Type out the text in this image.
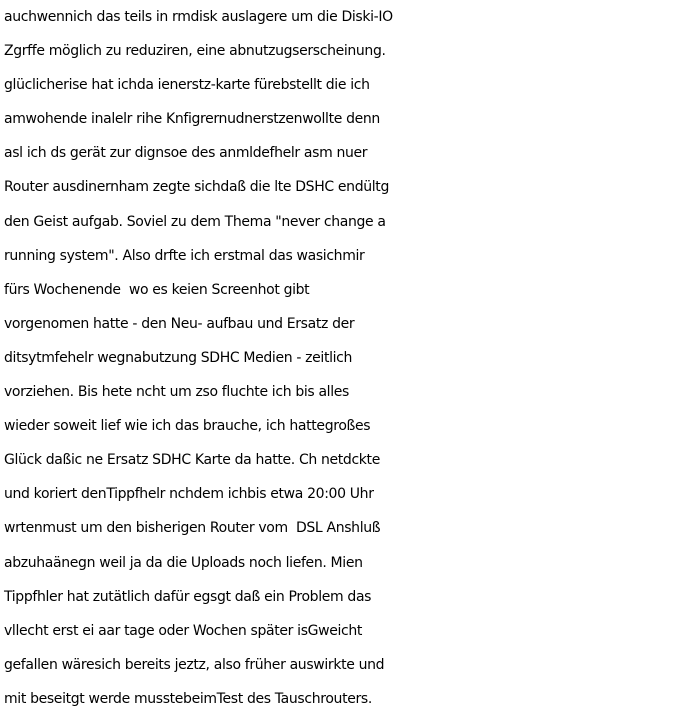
auchwennich das teils in rmdisk auslagere um die Diski-IO
Zgrffe möglich zu reduziren, eine abnutzugserscheinung.
glüclicherise hat ichda ienerstz-karte fürebstellt die ich
amwohende inalelr rihe Knfigrernudnerstzenwollte denn
asl ich ds gerät zur dignsoe des anmldefhelr asm nuer
Router ausdinernham zegte sichdaß die lte DSHC endültg
den Geist aufgab. Soviel zu dem Thema "never change a
running system". Also drfte ich erstmal das wasichmir
fürs Wochenende  wo es keien Screenhot gibt
vorgenomen hatte - den Neu- aufbau und Ersatz der
ditsytmfehelr wegnabutzung SDHC Medien - zeitlich
vorziehen. Bis hete ncht um zso fluchte ich bis alles
wieder soweit lief wie ich das brauche, ich hattegroßes
Glück daßic ne Ersatz SDHC Karte da hatte. Ch netdckte
und koriert denTippfhelr nchdem ichbis etwa 20:00 Uhr
wrtenmust um den bisherigen Router vom  DSL Anshluß
abzuhaänegn weil ja da die Uploads noch liefen. Mien
Tippfhler hat zutätlich dafür egsgt daß ein Problem das
vllecht erst ei aar tage oder Wochen später isGweicht
gefallen wäresich bereits jeztz, also früher auswirkte und
mit beseitgt werde musstebeimTest des Tauschrouters.
